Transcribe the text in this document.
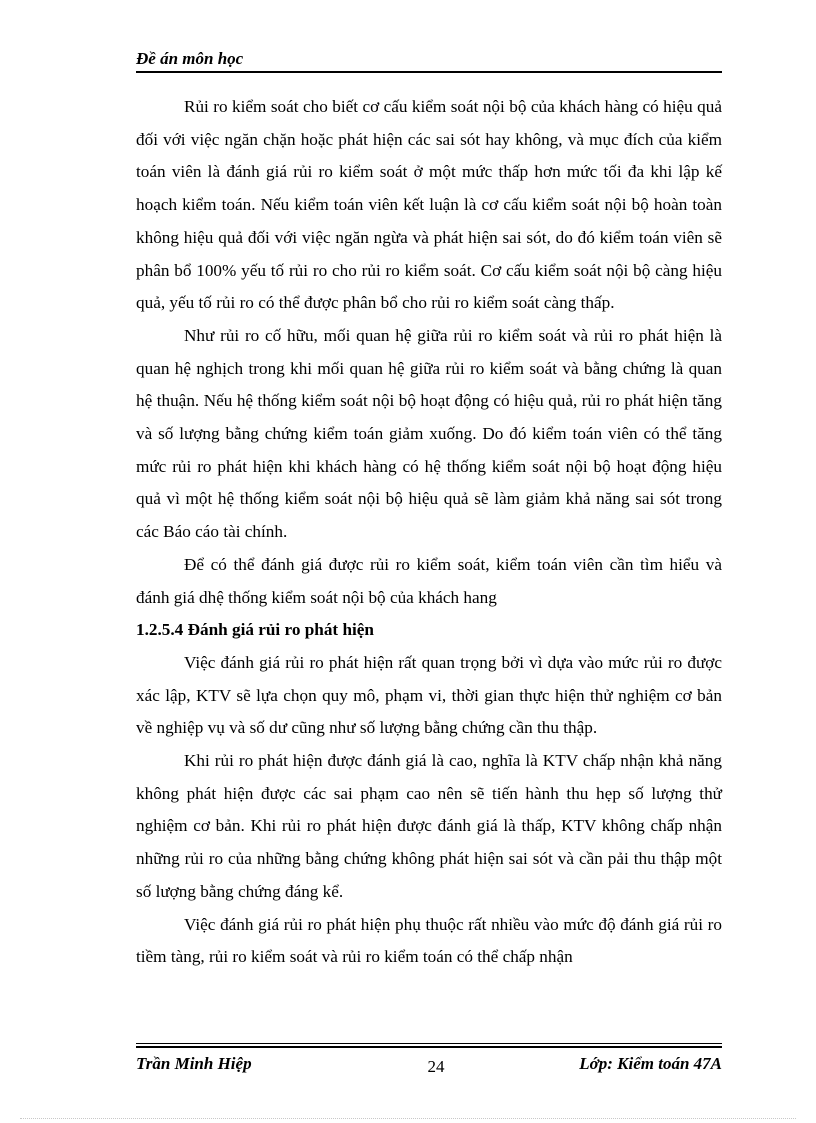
Đề án môn học

Rủi ro kiểm soát cho biết cơ cấu kiểm soát nội bộ của khách hàng có hiệu quả đối với việc ngăn chặn hoặc phát hiện các sai sót hay không, và mục đích của kiểm toán viên là đánh giá rủi ro kiểm soát ở một mức thấp hơn mức tối đa khi lập kế hoạch kiểm toán. Nếu kiểm toán viên kết luận là cơ cấu kiểm soát nội bộ hoàn toàn không hiệu quả đối với việc ngăn ngừa và phát hiện sai sót, do đó kiểm toán viên sẽ phân bổ 100% yếu tố rủi ro cho rủi ro kiểm soát. Cơ cấu kiểm soát nội bộ càng hiệu quả, yếu tố rủi ro có thể được phân bổ cho rủi ro kiểm soát càng thấp.

Như rủi ro cố hữu, mối quan hệ giữa rủi ro kiểm soát và rủi ro phát hiện là quan hệ nghịch trong khi mối quan hệ giữa rủi ro kiểm soát và bằng chứng là quan hệ thuận. Nếu hệ thống kiểm soát nội bộ hoạt động có hiệu quả, rủi ro phát hiện tăng và số lượng bằng chứng kiểm toán giảm xuống. Do đó kiểm toán viên có thể tăng mức rủi ro phát hiện khi khách hàng có hệ thống kiểm soát nội bộ hoạt động hiệu quả vì một hệ thống kiểm soát nội bộ hiệu quả sẽ làm giảm khả năng sai sót trong các Báo cáo tài chính.

Để có thể đánh giá được rủi ro kiểm soát, kiểm toán viên cần tìm hiểu và đánh giá dhệ thống kiểm soát nội bộ của khách hang

1.2.5.4 Đánh giá rủi ro phát hiện

Việc đánh giá rủi ro phát hiện rất quan trọng bởi vì dựa vào mức rủi ro được xác lập, KTV sẽ lựa chọn quy mô, phạm vi, thời gian thực hiện thử nghiệm cơ bản về nghiệp vụ và số dư cũng như số lượng bằng chứng cần thu thập.

Khi rủi ro phát hiện được đánh giá là cao, nghĩa là KTV chấp nhận khả năng không phát hiện được các sai phạm cao nên sẽ tiến hành thu hẹp số lượng thử nghiệm cơ bản. Khi rủi ro phát hiện được đánh giá là thấp, KTV không chấp nhận những rủi ro của những bằng chứng không phát hiện sai sót và cần pải thu thập một số lượng bằng chứng đáng kể.

Việc đánh giá rủi ro phát hiện phụ thuộc rất nhiều vào mức độ đánh giá rủi ro tiềm tàng, rủi ro kiểm soát và rủi ro kiểm toán có thể chấp nhận

Trần Minh Hiệp	24	Lớp: Kiểm toán 47A
